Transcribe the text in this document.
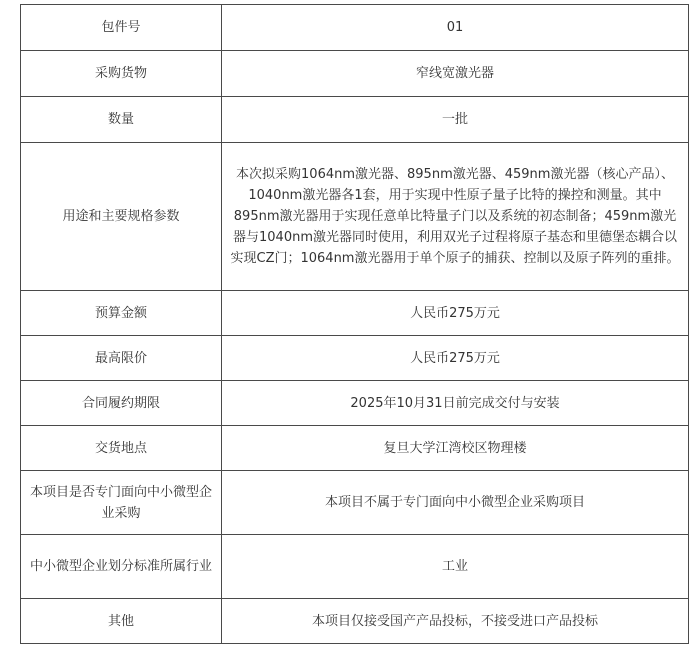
包件号	01
采购货物	窄线宽激光器
数量	一批
用途和主要规格参数	本次拟采购1064nm激光器、895nm激光器、459nm激光器（核心产品）、1040nm激光器各1套，用于实现中性原子量子比特的操控和测量。其中895nm激光器用于实现任意单比特量子门以及系统的初态制备；459nm激光器与1040nm激光器同时使用，利用双光子过程将原子基态和里德堡态耦合以实现CZ门；1064nm激光器用于单个原子的捕获、控制以及原子阵列的重排。
预算金额	人民币275万元
最高限价	人民币275万元
合同履约期限	2025年10月31日前完成交付与安装
交货地点	复旦大学江湾校区物理楼
本项目是否专门面向中小微型企业采购	本项目不属于专门面向中小微型企业采购项目
中小微型企业划分标准所属行业	工业
其他	本项目仅接受国产产品投标，不接受进口产品投标
